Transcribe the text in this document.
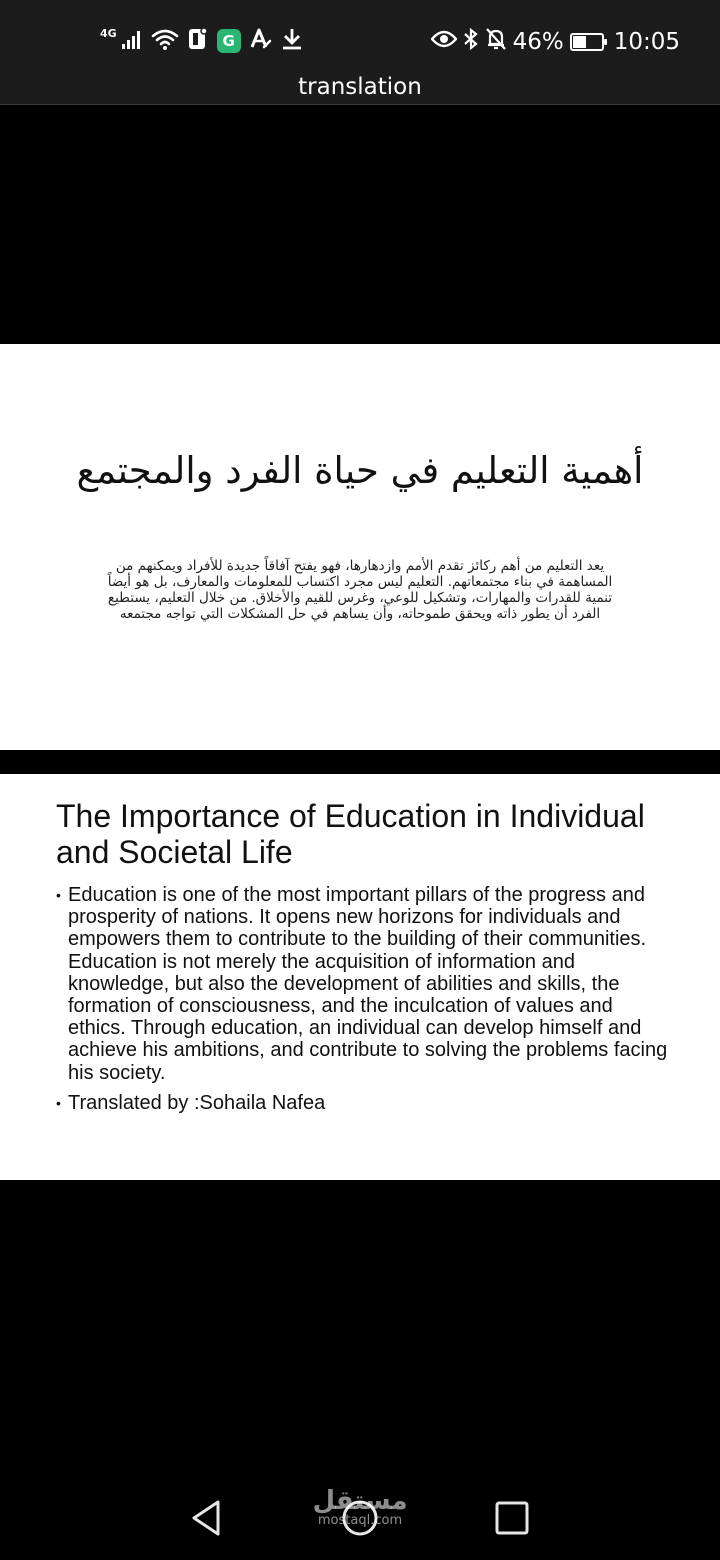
4G	G	46% 10:05
translation
أهمية التعليم في حياة الفرد والمجتمع
يعد التعليم من أهم ركائز تقدم الأمم وازدهارها، فهو يفتح آفاقاً جديدة للأفراد ويمكنهم من المساهمة في بناء مجتمعاتهم. التعليم ليس مجرد اكتساب للمعلومات والمعارف، بل هو أيضاً تنمية للقدرات والمهارات، وتشكيل للوعي، وغرس للقيم والأخلاق. من خلال التعليم، يستطيع الفرد أن يطور ذاته ويحقق طموحاته، وأن يساهم في حل المشكلات التي تواجه مجتمعه
The Importance of Education in Individual and Societal Life
• Education is one of the most important pillars of the progress and prosperity of nations. It opens new horizons for individuals and empowers them to contribute to the building of their communities. Education is not merely the acquisition of information and knowledge, but also the development of abilities and skills, the formation of consciousness, and the inculcation of values and ethics. Through education, an individual can develop himself and achieve his ambitions, and contribute to solving the problems facing his society.
• Translated by :Sohaila Nafea
مستقل
mostaql.com
